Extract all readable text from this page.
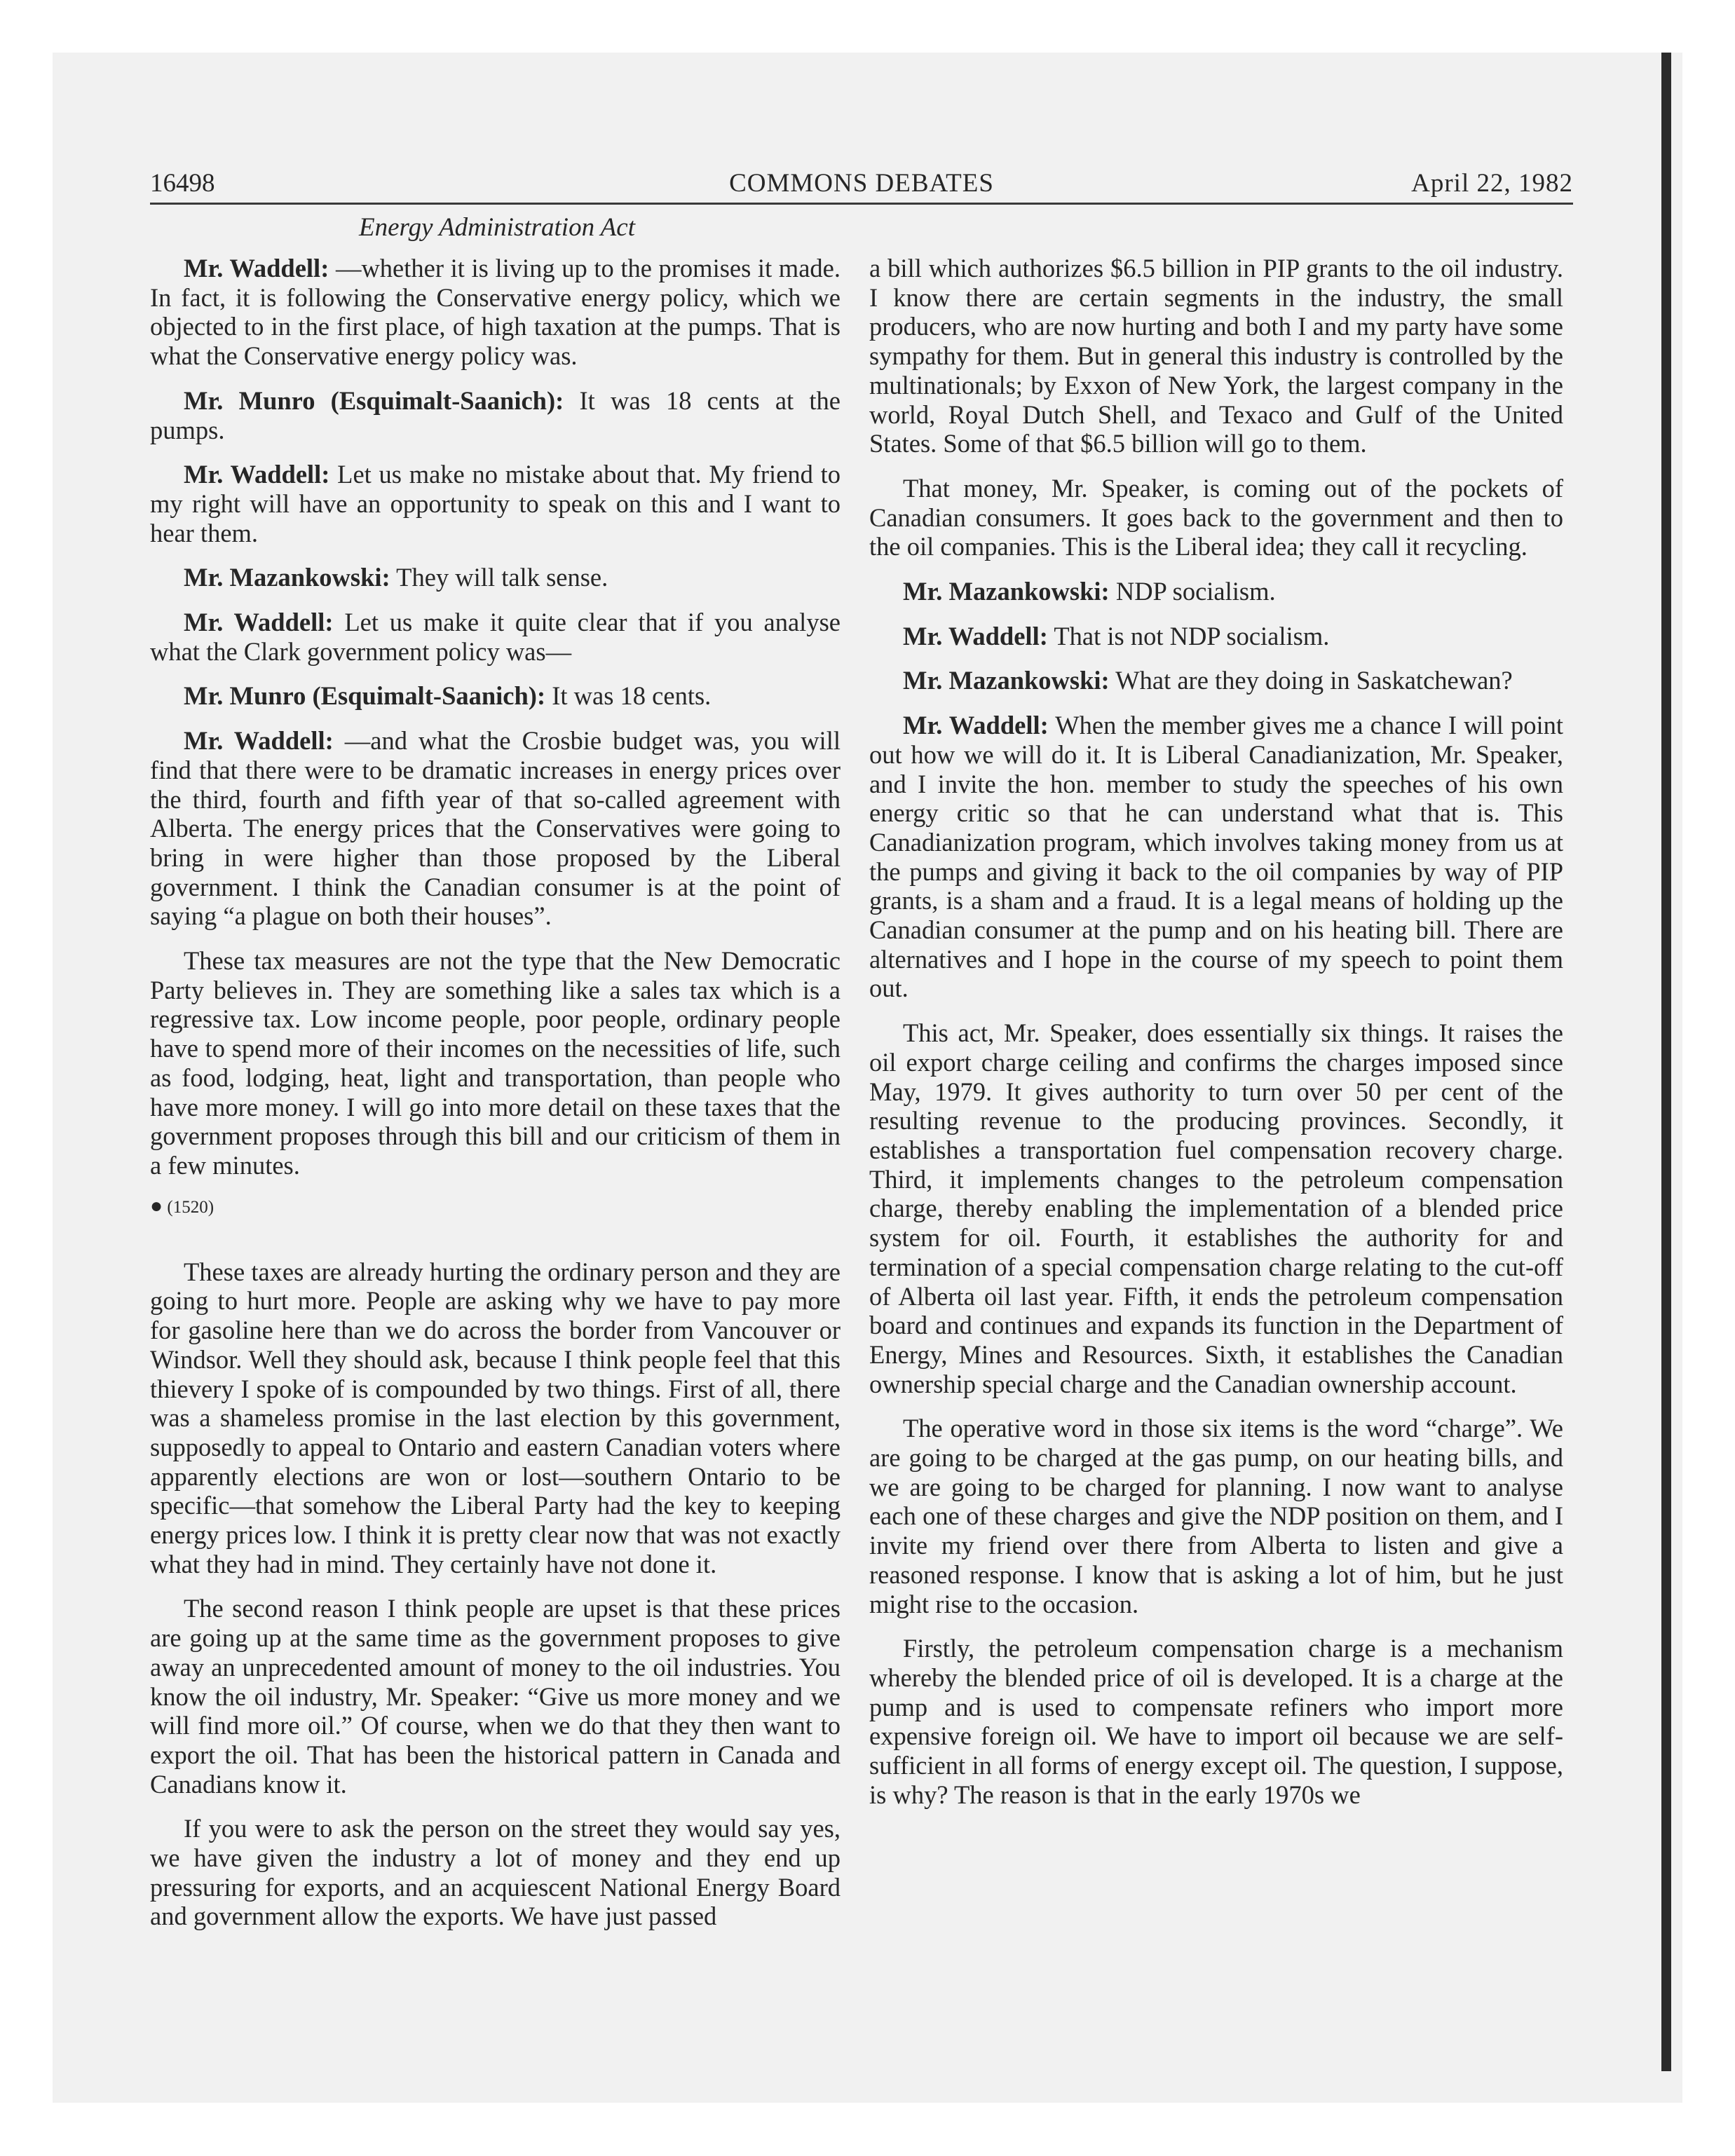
16498	COMMONS DEBATES	April 22, 1982
Energy Administration Act

Mr. Waddell: —whether it is living up to the promises it made. In fact, it is following the Conservative energy policy, which we objected to in the first place, of high taxation at the pumps. That is what the Conservative energy policy was.

Mr. Munro (Esquimalt-Saanich): It was 18 cents at the pumps.

Mr. Waddell: Let us make no mistake about that. My friend to my right will have an opportunity to speak on this and I want to hear them.

Mr. Mazankowski: They will talk sense.

Mr. Waddell: Let us make it quite clear that if you analyse what the Clark government policy was—

Mr. Munro (Esquimalt-Saanich): It was 18 cents.

Mr. Waddell: —and what the Crosbie budget was, you will find that there were to be dramatic increases in energy prices over the third, fourth and fifth year of that so-called agreement with Alberta. The energy prices that the Conservatives were going to bring in were higher than those proposed by the Liberal government. I think the Canadian consumer is at the point of saying “a plague on both their houses”.

These tax measures are not the type that the New Democratic Party believes in. They are something like a sales tax which is a regressive tax. Low income people, poor people, ordinary people have to spend more of their incomes on the necessities of life, such as food, lodging, heat, light and transportation, than people who have more money. I will go into more detail on these taxes that the government proposes through this bill and our criticism of them in a few minutes.

● (1520)

These taxes are already hurting the ordinary person and they are going to hurt more. People are asking why we have to pay more for gasoline here than we do across the border from Vancouver or Windsor. Well they should ask, because I think people feel that this thievery I spoke of is compounded by two things. First of all, there was a shameless promise in the last election by this government, supposedly to appeal to Ontario and eastern Canadian voters where apparently elections are won or lost—southern Ontario to be specific—that somehow the Liberal Party had the key to keeping energy prices low. I think it is pretty clear now that was not exactly what they had in mind. They certainly have not done it.

The second reason I think people are upset is that these prices are going up at the same time as the government proposes to give away an unprecedented amount of money to the oil industries. You know the oil industry, Mr. Speaker: “Give us more money and we will find more oil.” Of course, when we do that they then want to export the oil. That has been the historical pattern in Canada and Canadians know it.

If you were to ask the person on the street they would say yes, we have given the industry a lot of money and they end up pressuring for exports, and an acquiescent National Energy Board and government allow the exports. We have just passed

a bill which authorizes $6.5 billion in PIP grants to the oil industry. I know there are certain segments in the industry, the small producers, who are now hurting and both I and my party have some sympathy for them. But in general this industry is controlled by the multinationals; by Exxon of New York, the largest company in the world, Royal Dutch Shell, and Texaco and Gulf of the United States. Some of that $6.5 billion will go to them.

That money, Mr. Speaker, is coming out of the pockets of Canadian consumers. It goes back to the government and then to the oil companies. This is the Liberal idea; they call it recycling.

Mr. Mazankowski: NDP socialism.

Mr. Waddell: That is not NDP socialism.

Mr. Mazankowski: What are they doing in Saskatchewan?

Mr. Waddell: When the member gives me a chance I will point out how we will do it. It is Liberal Canadianization, Mr. Speaker, and I invite the hon. member to study the speeches of his own energy critic so that he can understand what that is. This Canadianization program, which involves taking money from us at the pumps and giving it back to the oil companies by way of PIP grants, is a sham and a fraud. It is a legal means of holding up the Canadian consumer at the pump and on his heating bill. There are alternatives and I hope in the course of my speech to point them out.

This act, Mr. Speaker, does essentially six things. It raises the oil export charge ceiling and confirms the charges imposed since May, 1979. It gives authority to turn over 50 per cent of the resulting revenue to the producing provinces. Secondly, it establishes a transportation fuel compensation recovery charge. Third, it implements changes to the petroleum compensation charge, thereby enabling the implementation of a blended price system for oil. Fourth, it establishes the authority for and termination of a special compensation charge relating to the cut-off of Alberta oil last year. Fifth, it ends the petroleum compensation board and continues and expands its function in the Department of Energy, Mines and Resources. Sixth, it establishes the Canadian ownership special charge and the Canadian ownership account.

The operative word in those six items is the word “charge”. We are going to be charged at the gas pump, on our heating bills, and we are going to be charged for planning. I now want to analyse each one of these charges and give the NDP position on them, and I invite my friend over there from Alberta to listen and give a reasoned response. I know that is asking a lot of him, but he just might rise to the occasion.

Firstly, the petroleum compensation charge is a mechanism whereby the blended price of oil is developed. It is a charge at the pump and is used to compensate refiners who import more expensive foreign oil. We have to import oil because we are self-sufficient in all forms of energy except oil. The question, I suppose, is why? The reason is that in the early 1970s we
